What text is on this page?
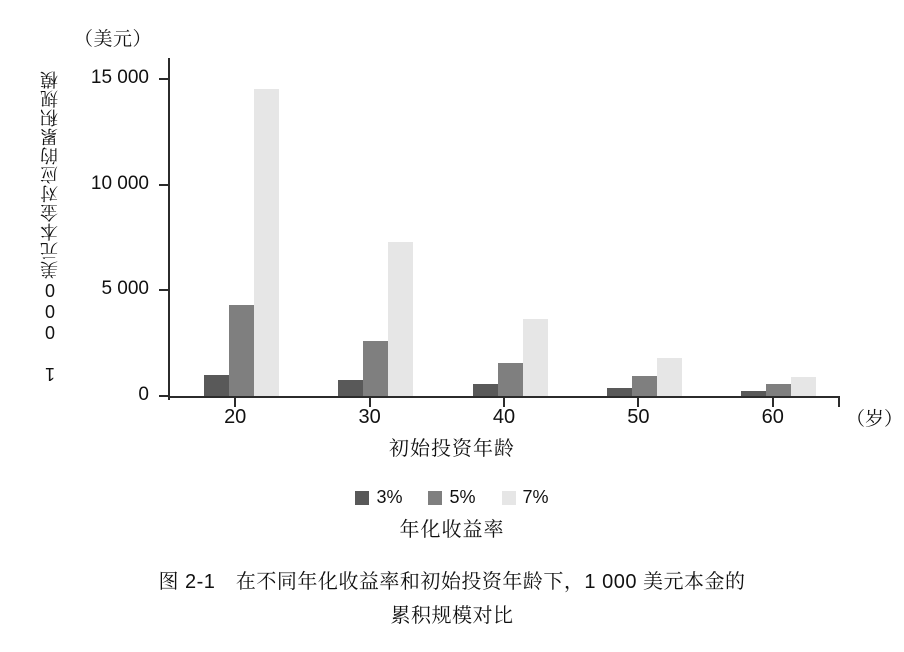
（美元）
1 000美元本金对应的累积规模
0
5 000
10 000
15 000
20	30	40	50	60	（岁）
初始投资年龄
3%	5%	7%
年化收益率
图 2-1　在不同年化收益率和初始投资年龄下，1 000 美元本金的
累积规模对比
